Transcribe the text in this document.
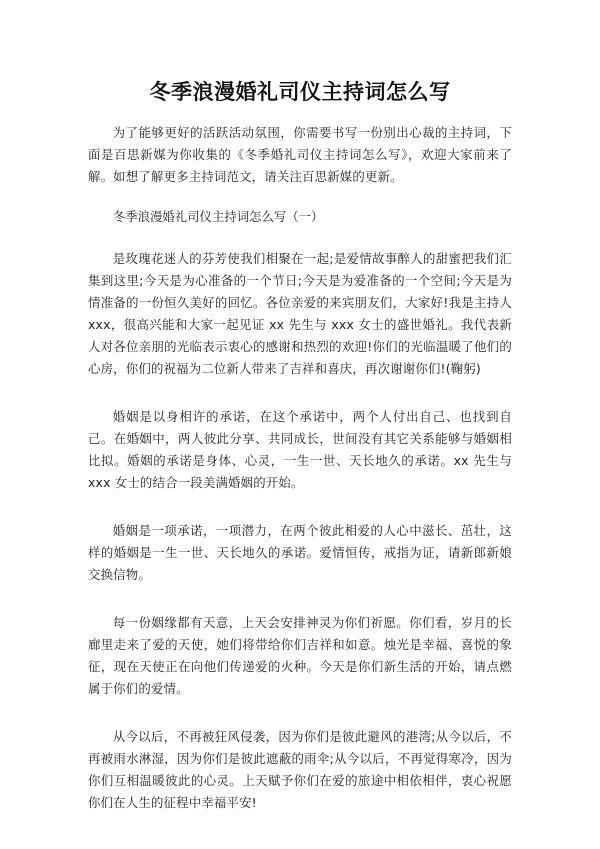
冬季浪漫婚礼司仪主持词怎么写

为了能够更好的活跃活动氛围，你需要书写一份别出心裁的主持词，下面是百思新媒为你收集的《冬季婚礼司仪主持词怎么写》，欢迎大家前来了解。如想了解更多主持词范文，请关注百思新媒的更新。

冬季浪漫婚礼司仪主持词怎么写（一）

是玫瑰花迷人的芬芳使我们相聚在一起;是爱情故事醉人的甜蜜把我们汇集到这里;今天是为心准备的一个节日;今天是为爱准备的一个空间;今天是为情准备的一份恒久美好的回忆。各位亲爱的来宾朋友们，大家好!我是主持人 xxx，很高兴能和大家一起见证 xx 先生与 xxx 女士的盛世婚礼。我代表新人对各位亲朋的光临表示衷心的感谢和热烈的欢迎!你们的光临温暖了他们的心房，你们的祝福为二位新人带来了吉祥和喜庆，再次谢谢你们!(鞠躬)

婚姻是以身相许的承诺，在这个承诺中，两个人付出自己、也找到自己。在婚姻中，两人彼此分享、共同成长，世间没有其它关系能够与婚姻相比拟。婚姻的承诺是身体、心灵，一生一世、天长地久的承诺。xx 先生与 xxx 女士的结合一段美满婚姻的开始。

婚姻是一项承诺，一项潜力，在两个彼此相爱的人心中滋长、茁壮，这样的婚姻是一生一世、天长地久的承诺。爱情恒传，戒指为证，请新郎新娘交换信物。

每一份姻缘都有天意，上天会安排神灵为你们祈愿。你们看，岁月的长廊里走来了爱的天使，她们将带给你们吉祥和如意。烛光是幸福、喜悦的象征，现在天使正在向他们传递爱的火种。今天是你们新生活的开始，请点燃属于你们的爱情。

从今以后，不再被狂风侵袭，因为你们是彼此避风的港湾;从今以后，不再被雨水淋湿，因为你们是彼此遮蔽的雨伞;从今以后，不再觉得寒冷，因为你们互相温暖彼此的心灵。上天赋予你们在爱的旅途中相依相伴，衷心祝愿你们在人生的征程中幸福平安!
